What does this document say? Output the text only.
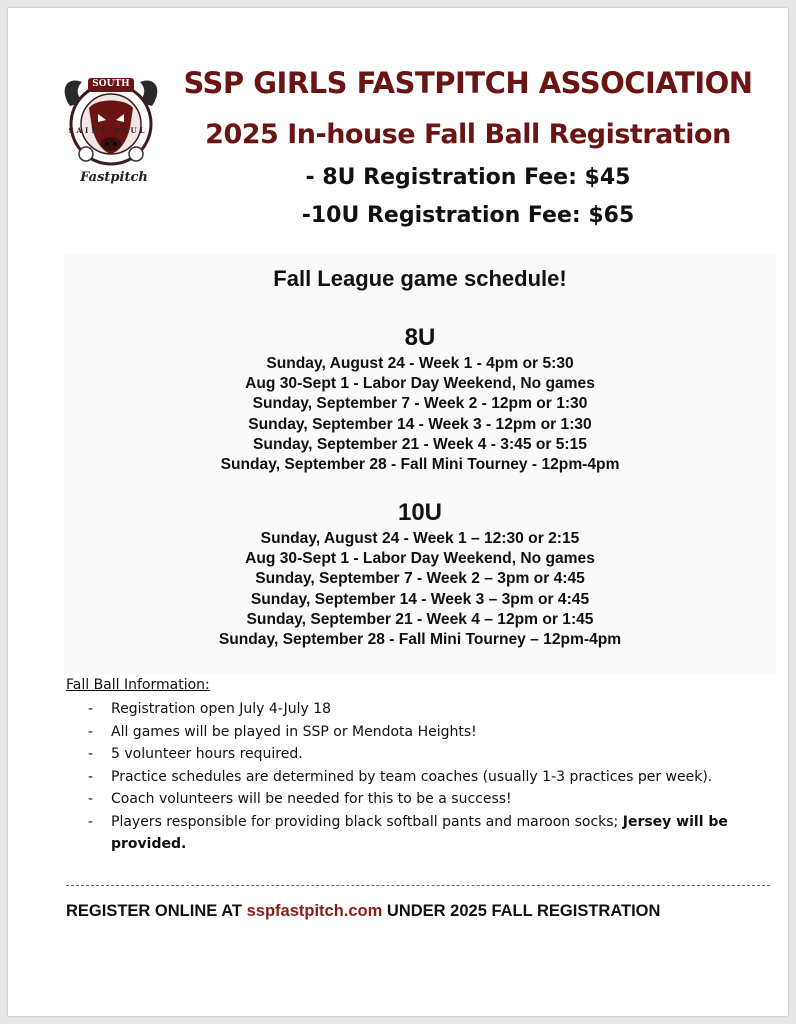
SOUTH
SAINT PAUL
Fastpitch
SSP GIRLS FASTPITCH ASSOCIATION
2025 In-house Fall Ball Registration
- 8U Registration Fee: $45
-10U Registration Fee: $65
Fall League game schedule!
8U
Sunday, August 24 - Week 1 - 4pm or 5:30
Aug 30-Sept 1 - Labor Day Weekend, No games
Sunday, September 7 - Week 2 - 12pm or 1:30
Sunday, September 14 - Week 3 - 12pm or 1:30
Sunday, September 21 - Week 4 - 3:45 or 5:15
Sunday, September 28 - Fall Mini Tourney - 12pm-4pm
10U
Sunday, August 24 - Week 1 – 12:30 or 2:15
Aug 30-Sept 1 - Labor Day Weekend, No games
Sunday, September 7 - Week 2 – 3pm or 4:45
Sunday, September 14 - Week 3 – 3pm or 4:45
Sunday, September 21 - Week 4 – 12pm or 1:45
Sunday, September 28 - Fall Mini Tourney – 12pm-4pm
Fall Ball Information:
- Registration open July 4-July 18
- All games will be played in SSP or Mendota Heights!
- 5 volunteer hours required.
- Practice schedules are determined by team coaches (usually 1-3 practices per week).
- Coach volunteers will be needed for this to be a success!
- Players responsible for providing black softball pants and maroon socks; Jersey will be provided.
REGISTER ONLINE AT sspfastpitch.com UNDER 2025 FALL REGISTRATION
